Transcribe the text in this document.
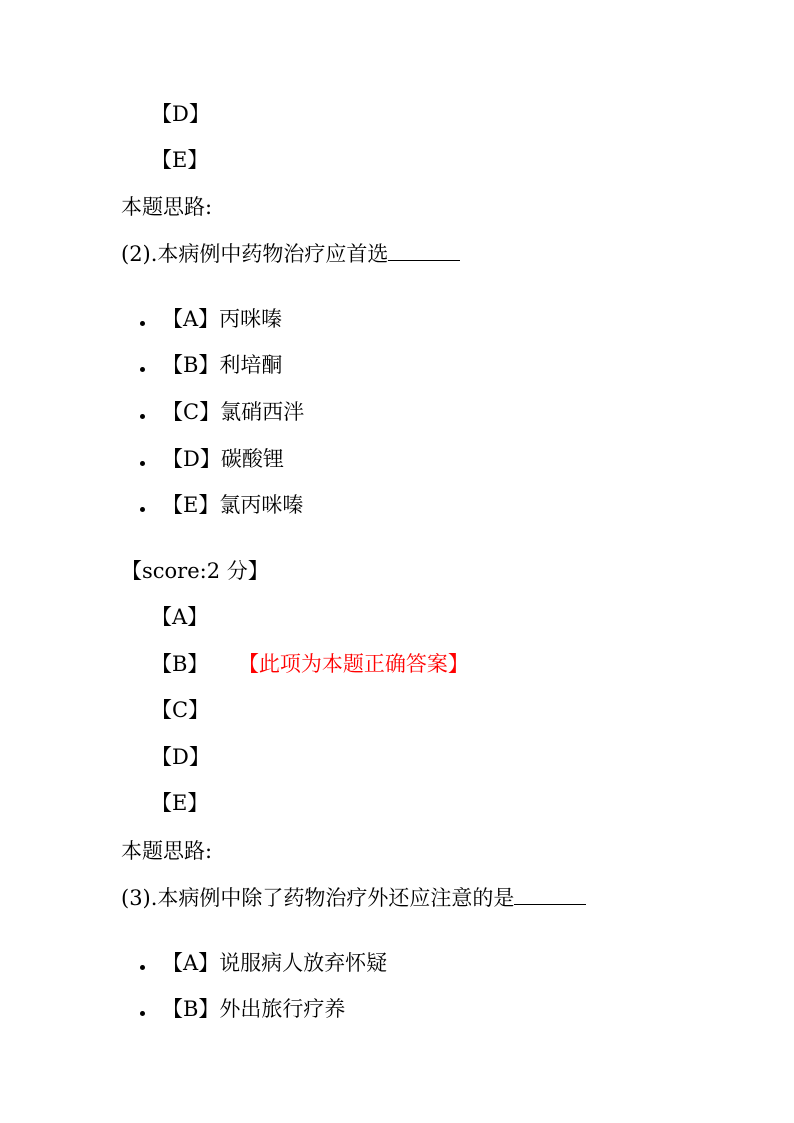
【D】
【E】
本题思路:
(2).本病例中药物治疗应首选
【A】丙咪嗪
【B】利培酮
【C】氯硝西泮
【D】碳酸锂
【E】氯丙咪嗪
【score:2 分】
【A】
【B】 【此项为本题正确答案】
【C】
【D】
【E】
本题思路:
(3).本病例中除了药物治疗外还应注意的是
【A】说服病人放弃怀疑
【B】外出旅行疗养
